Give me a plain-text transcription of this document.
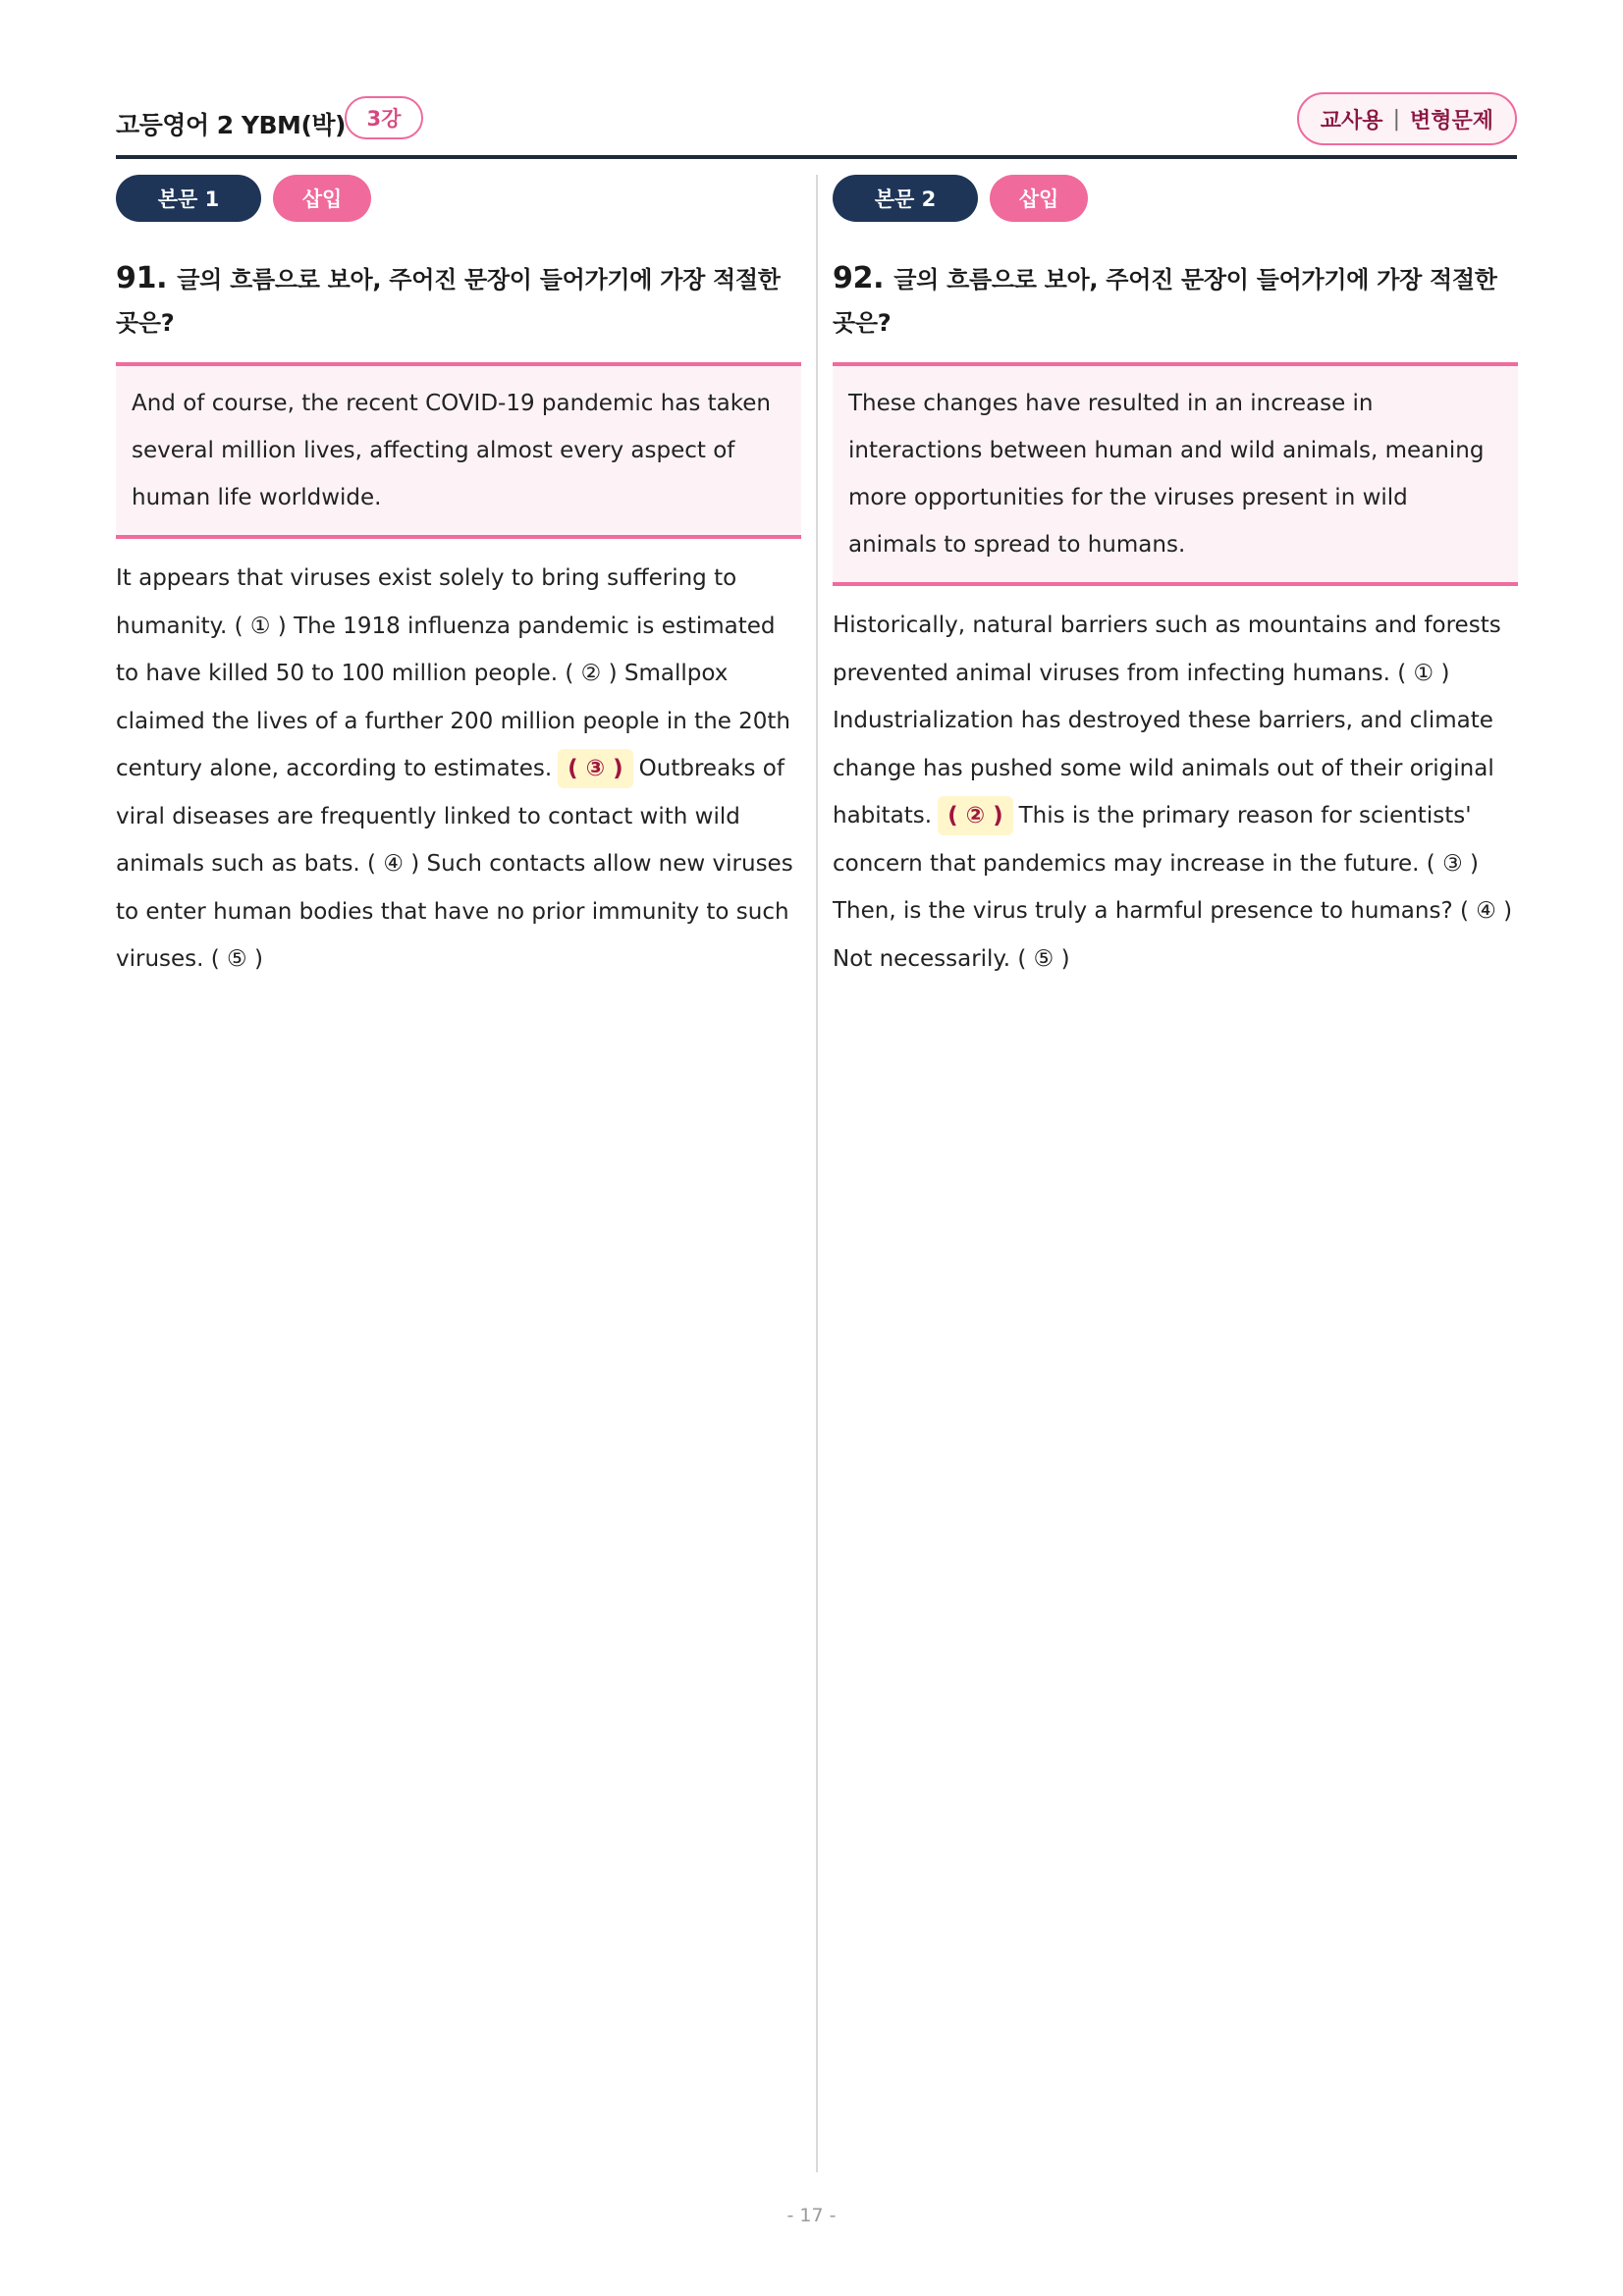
고등영어 2 YBM(박)	3강	교사용 | 변형문제
본문 1	삽입
91. 글의 흐름으로 보아, 주어진 문장이 들어가기에 가장 적절한 곳은?
And of course, the recent COVID-19 pandemic has taken several million lives, affecting almost every aspect of human life worldwide.
It appears that viruses exist solely to bring suffering to humanity. ( ① ) The 1918 influenza pandemic is estimated to have killed 50 to 100 million people. ( ② ) Smallpox claimed the lives of a further 200 million people in the 20th century alone, according to estimates. ( ③ ) Outbreaks of viral diseases are frequently linked to contact with wild animals such as bats. ( ④ ) Such contacts allow new viruses to enter human bodies that have no prior immunity to such viruses. ( ⑤ )
본문 2	삽입
92. 글의 흐름으로 보아, 주어진 문장이 들어가기에 가장 적절한 곳은?
These changes have resulted in an increase in interactions between human and wild animals, meaning more opportunities for the viruses present in wild animals to spread to humans.
Historically, natural barriers such as mountains and forests prevented animal viruses from infecting humans. ( ① ) Industrialization has destroyed these barriers, and climate change has pushed some wild animals out of their original habitats. ( ② ) This is the primary reason for scientists' concern that pandemics may increase in the future. ( ③ ) Then, is the virus truly a harmful presence to humans? ( ④ ) Not necessarily. ( ⑤ )
- 17 -
